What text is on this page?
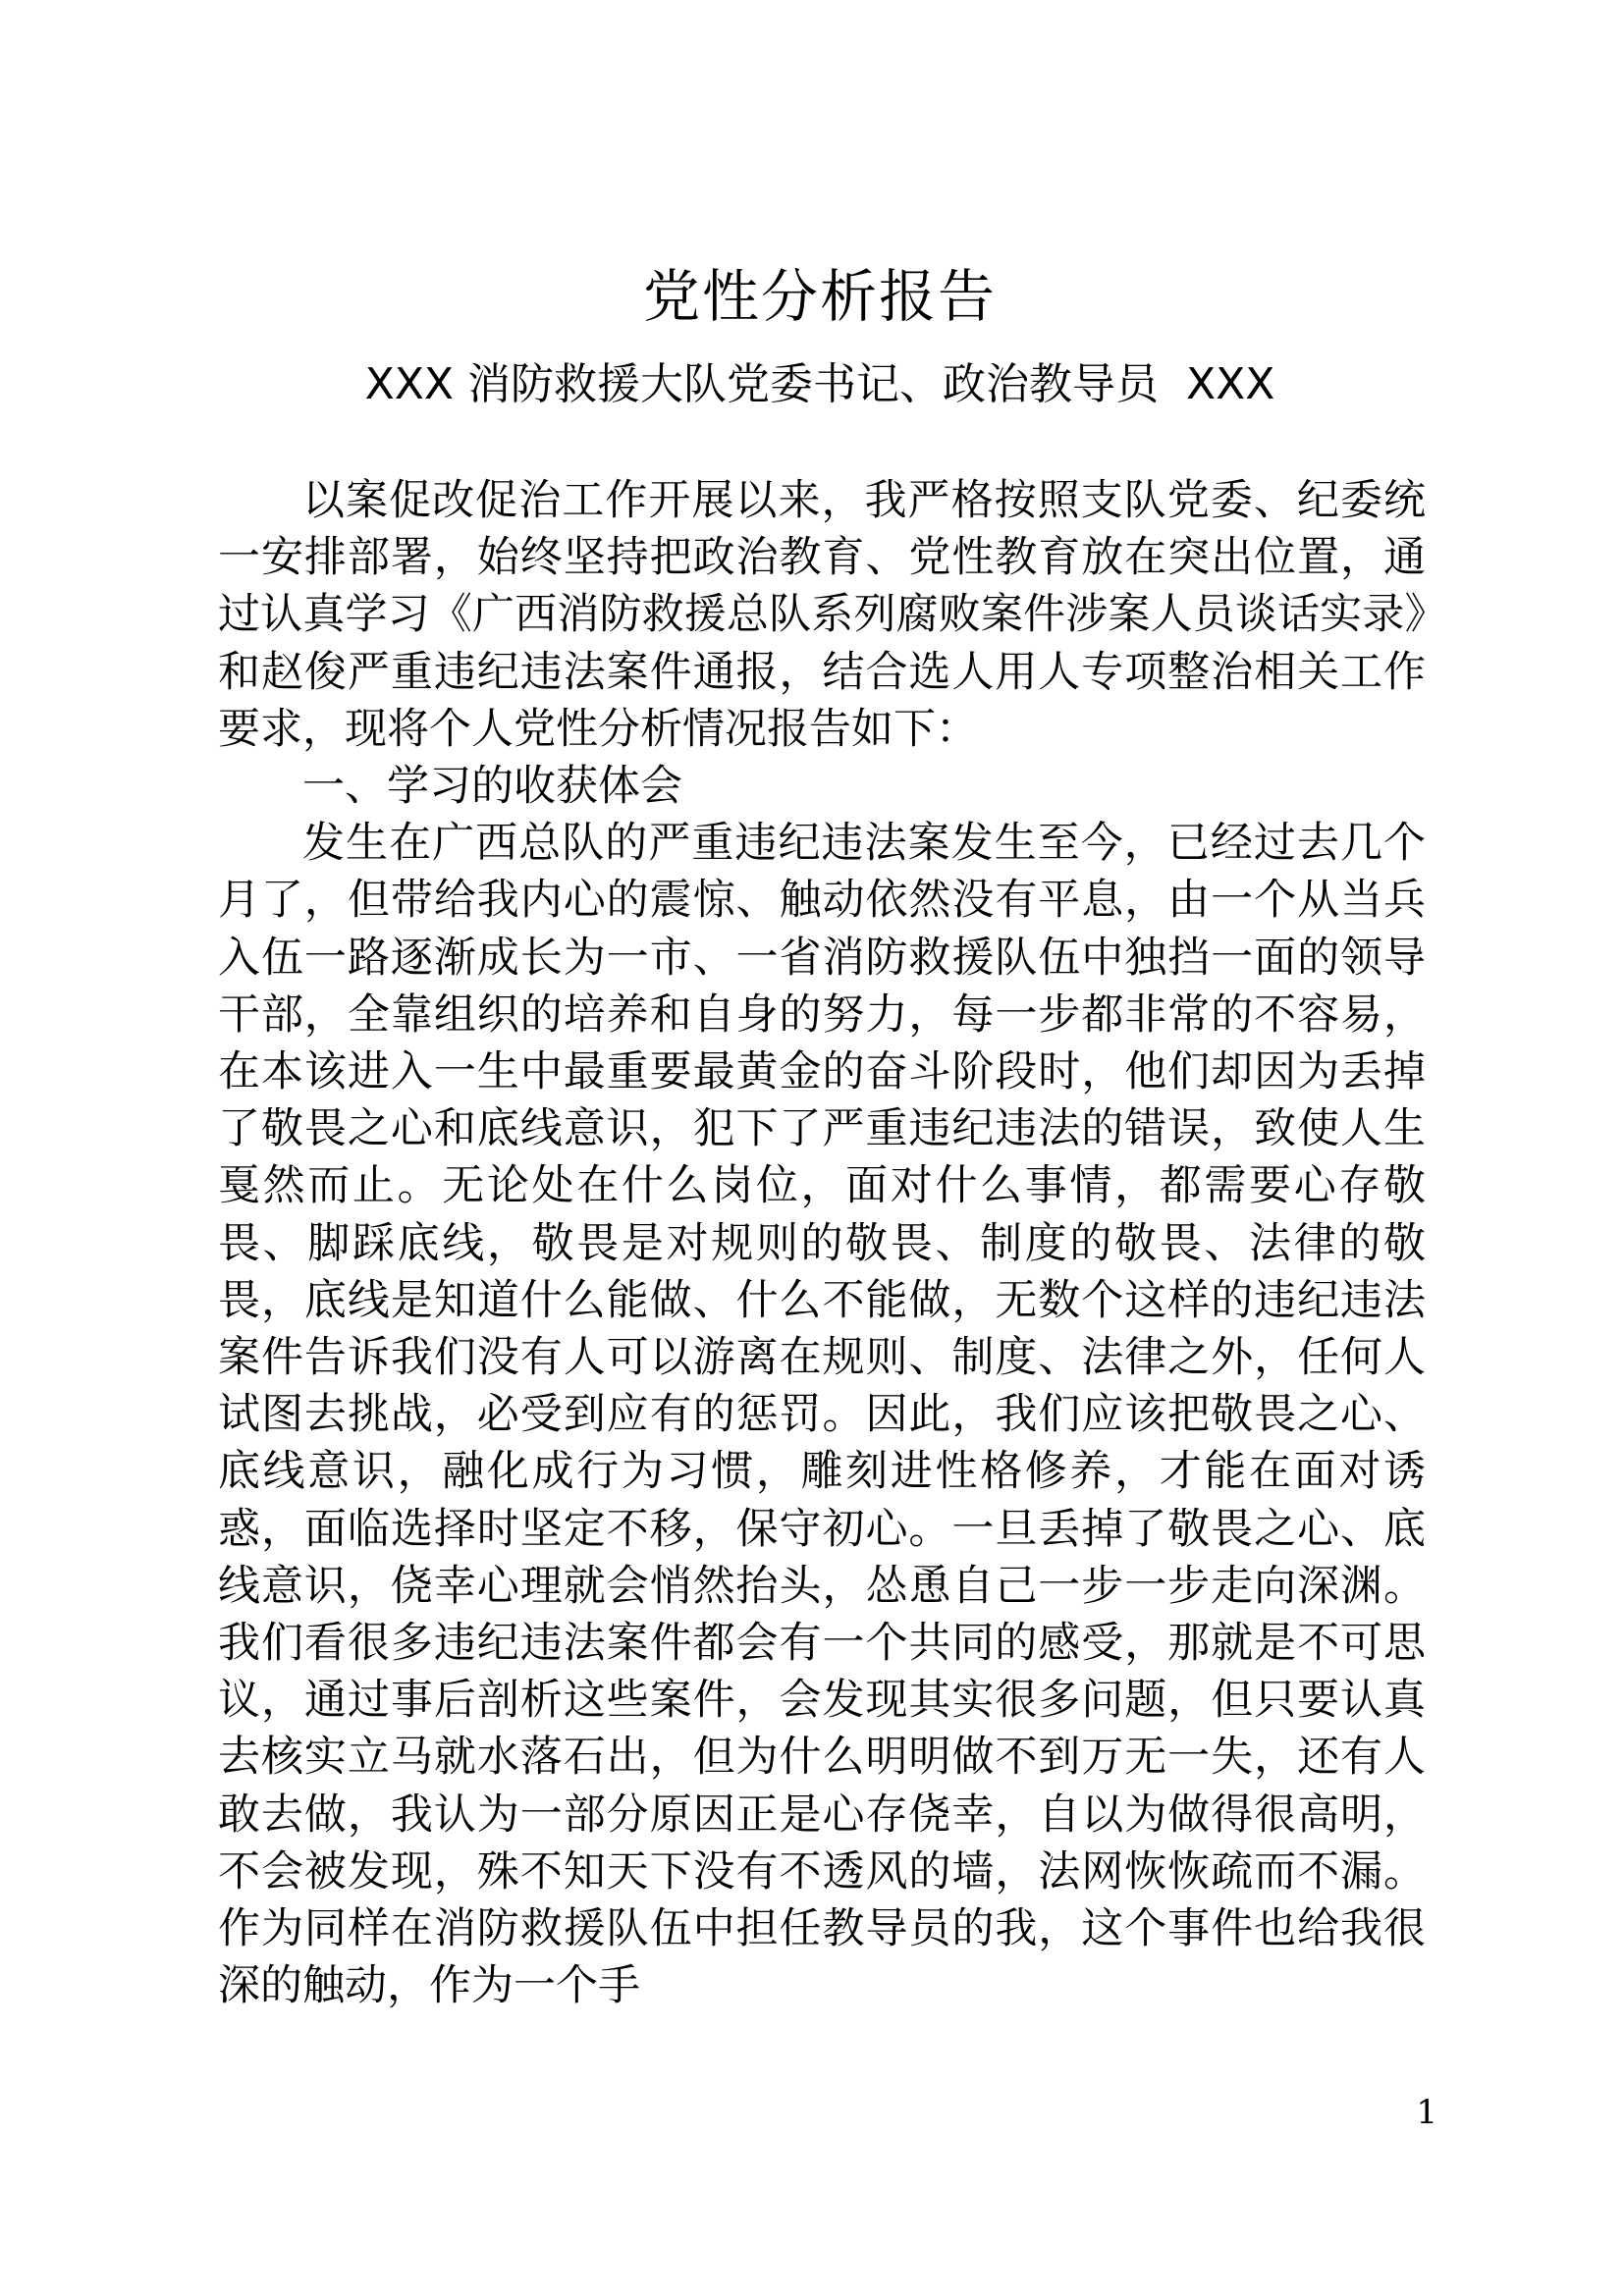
党性分析报告
XXX 消防救援大队党委书记、政治教导员  XXX

以案促改促治工作开展以来，我严格按照支队党委、纪委统一安排部署，始终坚持把政治教育、党性教育放在突出位置，通过认真学习《广西消防救援总队系列腐败案件涉案人员谈话实录》和赵俊严重违纪违法案件通报，结合选人用人专项整治相关工作要求，现将个人党性分析情况报告如下：

一、学习的收获体会

发生在广西总队的严重违纪违法案发生至今，已经过去几个月了，但带给我内心的震惊、触动依然没有平息，由一个从当兵入伍一路逐渐成长为一市、一省消防救援队伍中独挡一面的领导干部，全靠组织的培养和自身的努力，每一步都非常的不容易，在本该进入一生中最重要最黄金的奋斗阶段时，他们却因为丢掉了敬畏之心和底线意识，犯下了严重违纪违法的错误，致使人生戛然而止。无论处在什么岗位，面对什么事情，都需要心存敬畏、脚踩底线，敬畏是对规则的敬畏、制度的敬畏、法律的敬畏，底线是知道什么能做、什么不能做，无数个这样的违纪违法案件告诉我们没有人可以游离在规则、制度、法律之外，任何人试图去挑战，必受到应有的惩罚。因此，我们应该把敬畏之心、底线意识，融化成行为习惯，雕刻进性格修养，才能在面对诱惑，面临选择时坚定不移，保守初心。一旦丢掉了敬畏之心、底线意识，侥幸心理就会悄然抬头，怂恿自己一步一步走向深渊。我们看很多违纪违法案件都会有一个共同的感受，那就是不可思议，通过事后剖析这些案件，会发现其实很多问题，但只要认真去核实立马就水落石出，但为什么明明做不到万无一失，还有人敢去做，我认为一部分原因正是心存侥幸，自以为做得很高明，不会被发现，殊不知天下没有不透风的墙，法网恢恢疏而不漏。作为同样在消防救援队伍中担任教导员的我，这个事件也给我很深的触动，作为一个手

1
